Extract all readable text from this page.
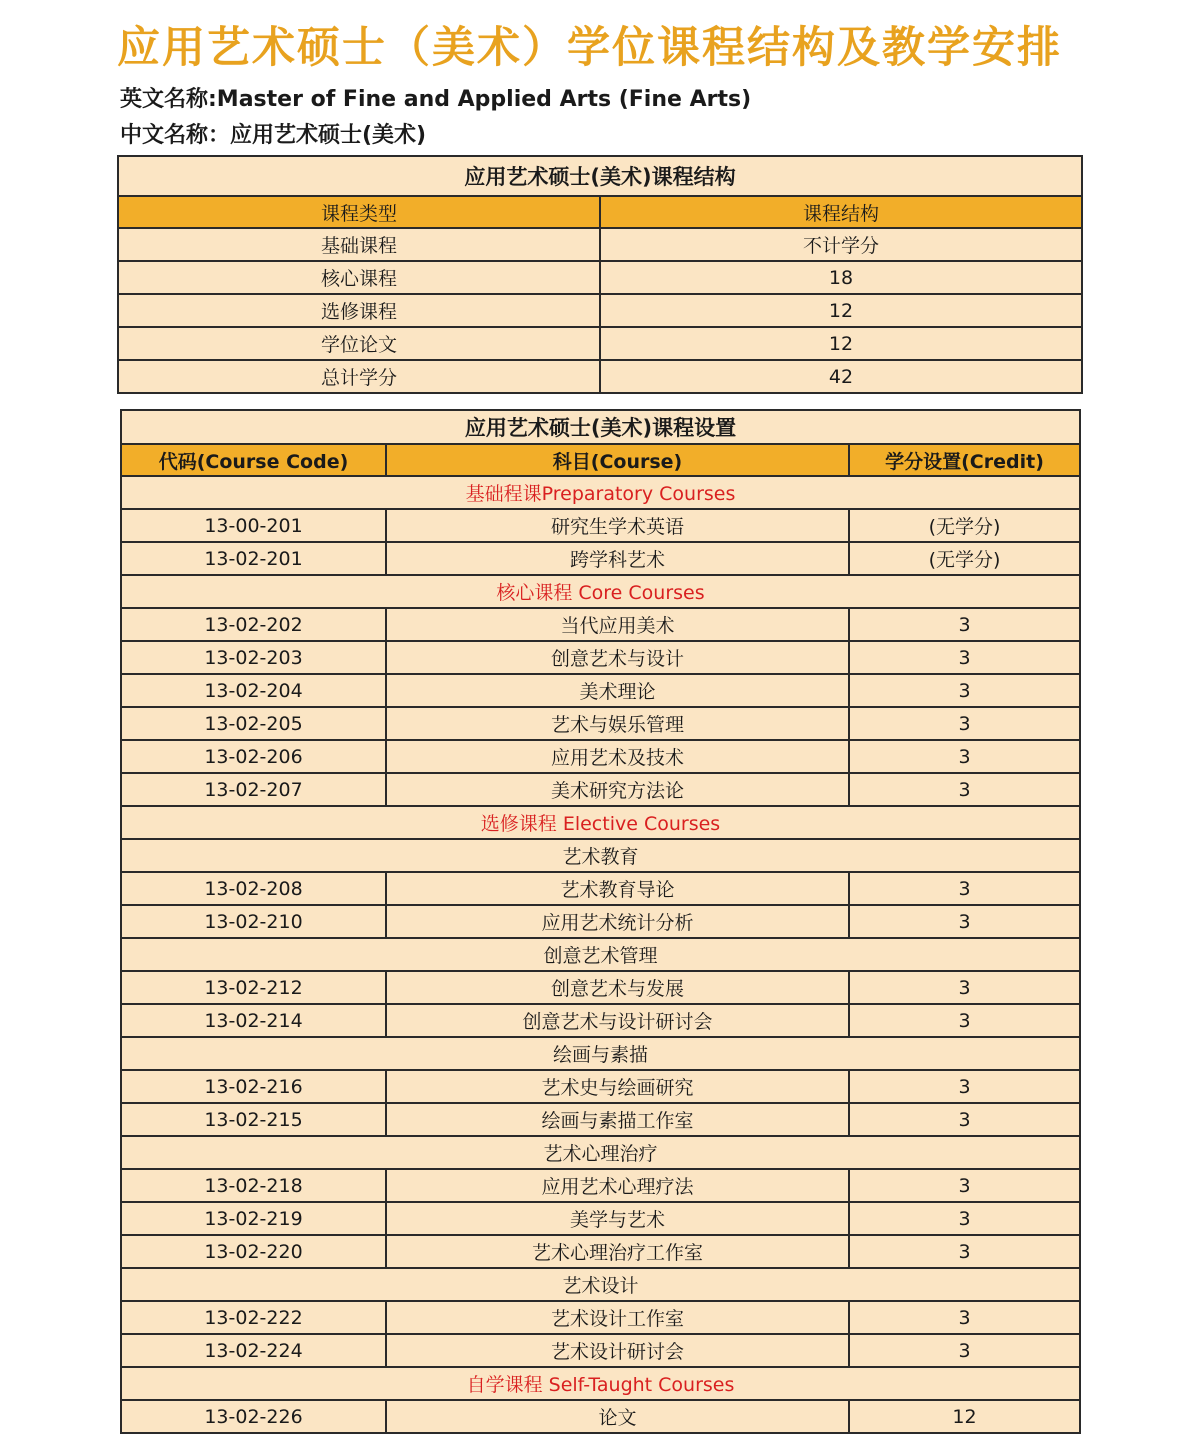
应用艺术硕士（美术）学位课程结构及教学安排
英文名称:Master of Fine and Applied Arts (Fine Arts)
中文名称：应用艺术硕士(美术)
应用艺术硕士(美术)课程结构	
课程类型	课程结构
基础课程	不计学分
核心课程	18
选修课程	12
学位论文	12
总计学分	42
应用艺术硕士(美术)课程设置		
代码(Course Code)	科目(Course)	学分设置(Credit)
基础程课Preparatory Courses		
13-00-201	研究生学术英语	(无学分)
13-02-201	跨学科艺术	(无学分)
核心课程 Core Courses		
13-02-202	当代应用美术	3
13-02-203	创意艺术与设计	3
13-02-204	美术理论	3
13-02-205	艺术与娱乐管理	3
13-02-206	应用艺术及技术	3
13-02-207	美术研究方法论	3
选修课程 Elective Courses		
艺术教育		
13-02-208	艺术教育导论	3
13-02-210	应用艺术统计分析	3
创意艺术管理		
13-02-212	创意艺术与发展	3
13-02-214	创意艺术与设计研讨会	3
绘画与素描		
13-02-216	艺术史与绘画研究	3
13-02-215	绘画与素描工作室	3
艺术心理治疗		
13-02-218	应用艺术心理疗法	3
13-02-219	美学与艺术	3
13-02-220	艺术心理治疗工作室	3
艺术设计		
13-02-222	艺术设计工作室	3
13-02-224	艺术设计研讨会	3
自学课程 Self-Taught Courses		
13-02-226	论文	12
